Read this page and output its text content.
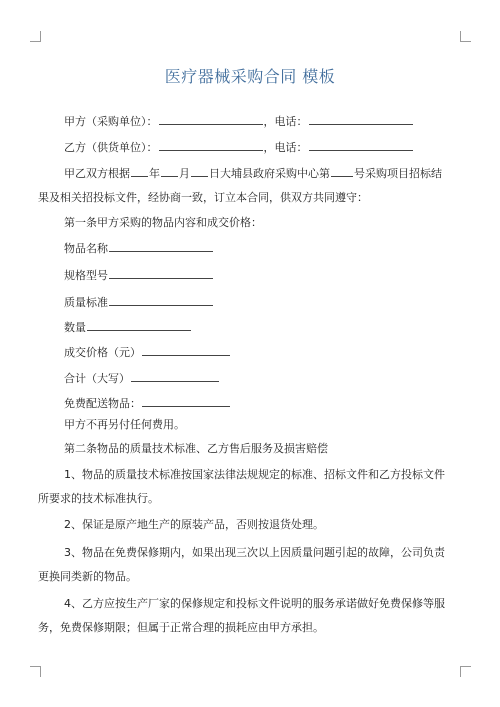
医疗器械采购合同 模板
甲方（采购单位）：	，电话：
乙方（供货单位）：	，电话：
甲乙双方根据 年 月 日大埔县政府采购中心第 号采购项目招标结
果及相关招投标文件，经协商一致，订立本合同，供双方共同遵守：
第一条甲方采购的物品内容和成交价格：
物品名称
规格型号
质量标准
数量
成交价格（元）
合计（大写）
免费配送物品：
甲方不再另付任何费用。
第二条物品的质量技术标准、乙方售后服务及损害赔偿
1、物品的质量技术标准按国家法律法规规定的标准、招标文件和乙方投标文件
所要求的技术标准执行。
2、保证是原产地生产的原装产品，否则按退货处理。
3、物品在免费保修期内，如果出现三次以上因质量问题引起的故障，公司负责
更换同类新的物品。
4、乙方应按生产厂家的保修规定和投标文件说明的服务承诺做好免费保修等服
务，免费保修期限；但属于正常合理的损耗应由甲方承担。
